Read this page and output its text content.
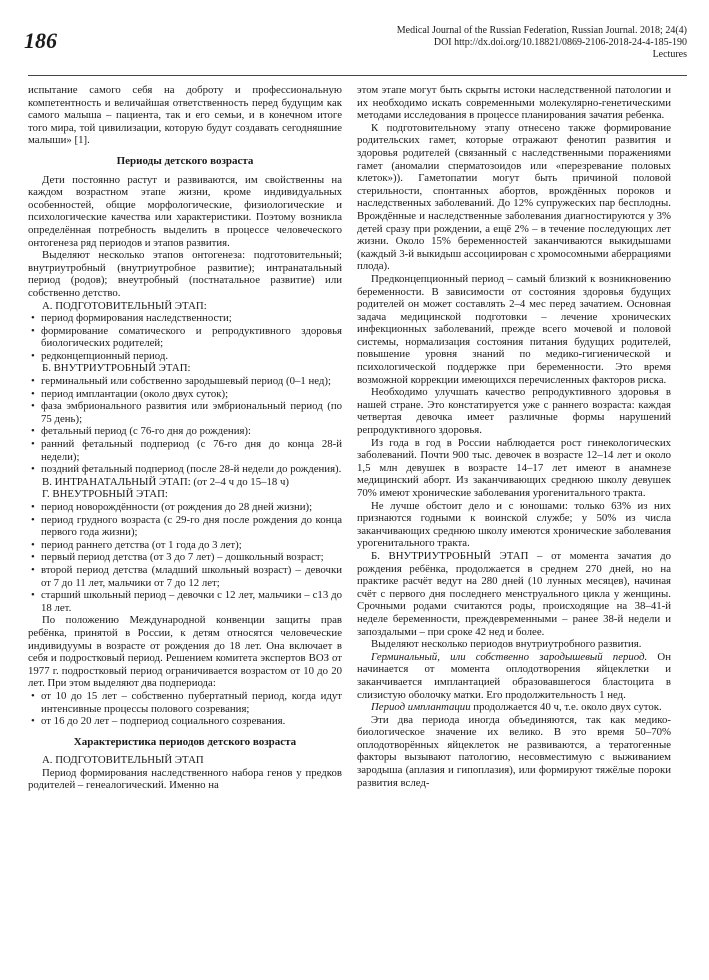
186	Medical Journal of the Russian Federation, Russian Journal. 2018; 24(4)
DOI http://dx.doi.org/10.18821/0869-2106-2018-24-4-185-190
Lectures

испытание самого себя на доброту и профессиональную компетентность и величайшая ответственность перед будущим как самого малыша – пациента, так и его семьи, и в конечном итоге того мира, той цивилизации, которую будут создавать сегодняшние малыши» [1].

Периоды детского возраста

Дети постоянно растут и развиваются, им свойственны на каждом возрастном этапе жизни, кроме индивидуальных особенностей, общие морфологические, физиологические и психологические качества или характеристики. Поэтому возникла определённая потребность выделить в процессе человеческого онтогенеза ряд периодов и этапов развития.

Выделяют несколько этапов онтогенеза: подготовительный; внутриутробный (внутриутробное развитие); интранатальный период (родов); внеутробный (постнатальное развитие) или собственно детство.

А. ПОДГОТОВИТЕЛЬНЫЙ ЭТАП:

• период формирования наследственности;
• формирование соматического и репродуктивного здоровья биологических родителей;
• редконцепционный период.

Б. ВНУТРИУТРОБНЫЙ ЭТАП:

• герминальный или собственно зародышевый период (0–1 нед);
• период имплантации (около двух суток);
• фаза эмбрионального развития или эмбриональный период (по 75 день);
• фетальный период (с 76-го дня до рождения):
• ранний фетальный подпериод (с 76-го дня до конца 28-й недели);
• поздний фетальный подпериод (после 28-й недели до рождения).

В. ИНТРАНАТАЛЬНЫЙ ЭТАП: (от 2–4 ч до 15–18 ч)

Г. ВНЕУТРОБНЫЙ ЭТАП:

• период новорождённости (от рождения до 28 дней жизни);
• период грудного возраста (с 29-го дня после рождения до конца первого года жизни);
• период раннего детства (от 1 года до 3 лет);
• первый период детства (от 3 до 7 лет) – дошкольный возраст;
• второй период детства (младший школьный возраст) – девочки от 7 до 11 лет, мальчики от 7 до 12 лет;
• старший школьный период – девочки с 12 лет, мальчики – с13 до 18 лет.

По положению Международной конвенции защиты прав ребёнка, принятой в России, к детям относятся человеческие индивидуумы в возрасте от рождения до 18 лет. Она включает в себя и подростковый период. Решением комитета экспертов ВОЗ от 1977 г. подростковый период ограничивается возрастом от 10 до 20 лет. При этом выделяют два подпериода:

• от 10 до 15 лет – собственно пубертатный период, когда идут интенсивные процессы полового созревания;
• от 16 до 20 лет – подпериод социального созревания.
Характеристика периодов детского возраста

А. ПОДГОТОВИТЕЛЬНЫЙ ЭТАП

Период формирования наследственного набора генов у предков родителей – генеалогический. Именно на

этом этапе могут быть скрыты истоки наследственной патологии и их необходимо искать современными молекулярно-генетическими методами исследования в процессе планирования зачатия ребенка.

К подготовительному этапу отнесено также формирование родительских гамет, которые отражают фенотип развития и здоровья родителей (связанный с наследственными поражениями гамет (аномалии сперматозоидов или «перезревание половых клеток»)). Гаметопатии могут быть причиной половой стерильности, спонтанных абортов, врождённых пороков и наследственных заболеваний. До 12% супружеских пар бесплодны. Врождённые и наследственные заболевания диагностируются у 3% детей сразу при рождении, а ещё 2% – в течение последующих лет жизни. Около 15% беременностей заканчиваются выкидышами (каждый 3-й выкидыш ассоциирован с хромосомными аберрациями плода).

Предконцепционный период – самый близкий к возникновению беременности. В зависимости от состояния здоровья будущих родителей он может составлять 2–4 мес перед зачатием. Основная задача медицинской подготовки – лечение хронических инфекционных заболеваний, прежде всего мочевой и половой системы, нормализация состояния питания будущих родителей, повышение уровня знаний по медико-гигиенической и психологической поддержке при беременности. Это время возможной коррекции имеющихся перечисленных факторов риска.

Необходимо улучшать качество репродуктивного здоровья в нашей стране. Это констатируется уже с раннего возраста: каждая четвертая девочка имеет различные формы нарушений репродуктивного здоровья.

Из года в год в России наблюдается рост гинекологических заболеваний. Почти 900 тыс. девочек в возрасте 12–14 лет и около 1,5 млн девушек в возрасте 14–17 лет имеют в анамнезе медицинский аборт. Из заканчивающих среднюю школу девушек 70% имеют хронические заболевания урогенитального тракта.

Не лучше обстоит дело и с юношами: только 63% из них признаются годными к воинской службе; у 50% из числа заканчивающих среднюю школу имеются хронические заболевания урогенитального тракта.

Б. ВНУТРИУТРОБНЫЙ ЭТАП – от момента зачатия до рождения ребёнка, продолжается в среднем 270 дней, но на практике расчёт ведут на 280 дней (10 лунных месяцев), начиная счёт с первого дня последнего менструального цикла у женщины. Срочными родами считаются роды, происходящие на 38–41-й неделе беременности, преждевременными – ранее 38-й недели и запоздалыми – при сроке 42 нед и более.

Выделяют несколько периодов внутриутробного развития.

Герминальный, или собственно зародышевый период. Он начинается от момента оплодотворения яйцеклетки и заканчивается имплантацией образовавшегося бластоцита в слизистую оболочку матки. Его продолжительность 1 нед.

Период имплантации продолжается 40 ч, т.е. около двух суток.

Эти два периода иногда объединяются, так как медико-биологическое значение их велико. В это время 50–70% оплодотворённых яйцеклеток не развиваются, а тератогенные факторы вызывают патологию, несовместимую с выживанием зародыша (аплазия и гипоплазия), или формируют тяжёлые пороки развития вслед-
